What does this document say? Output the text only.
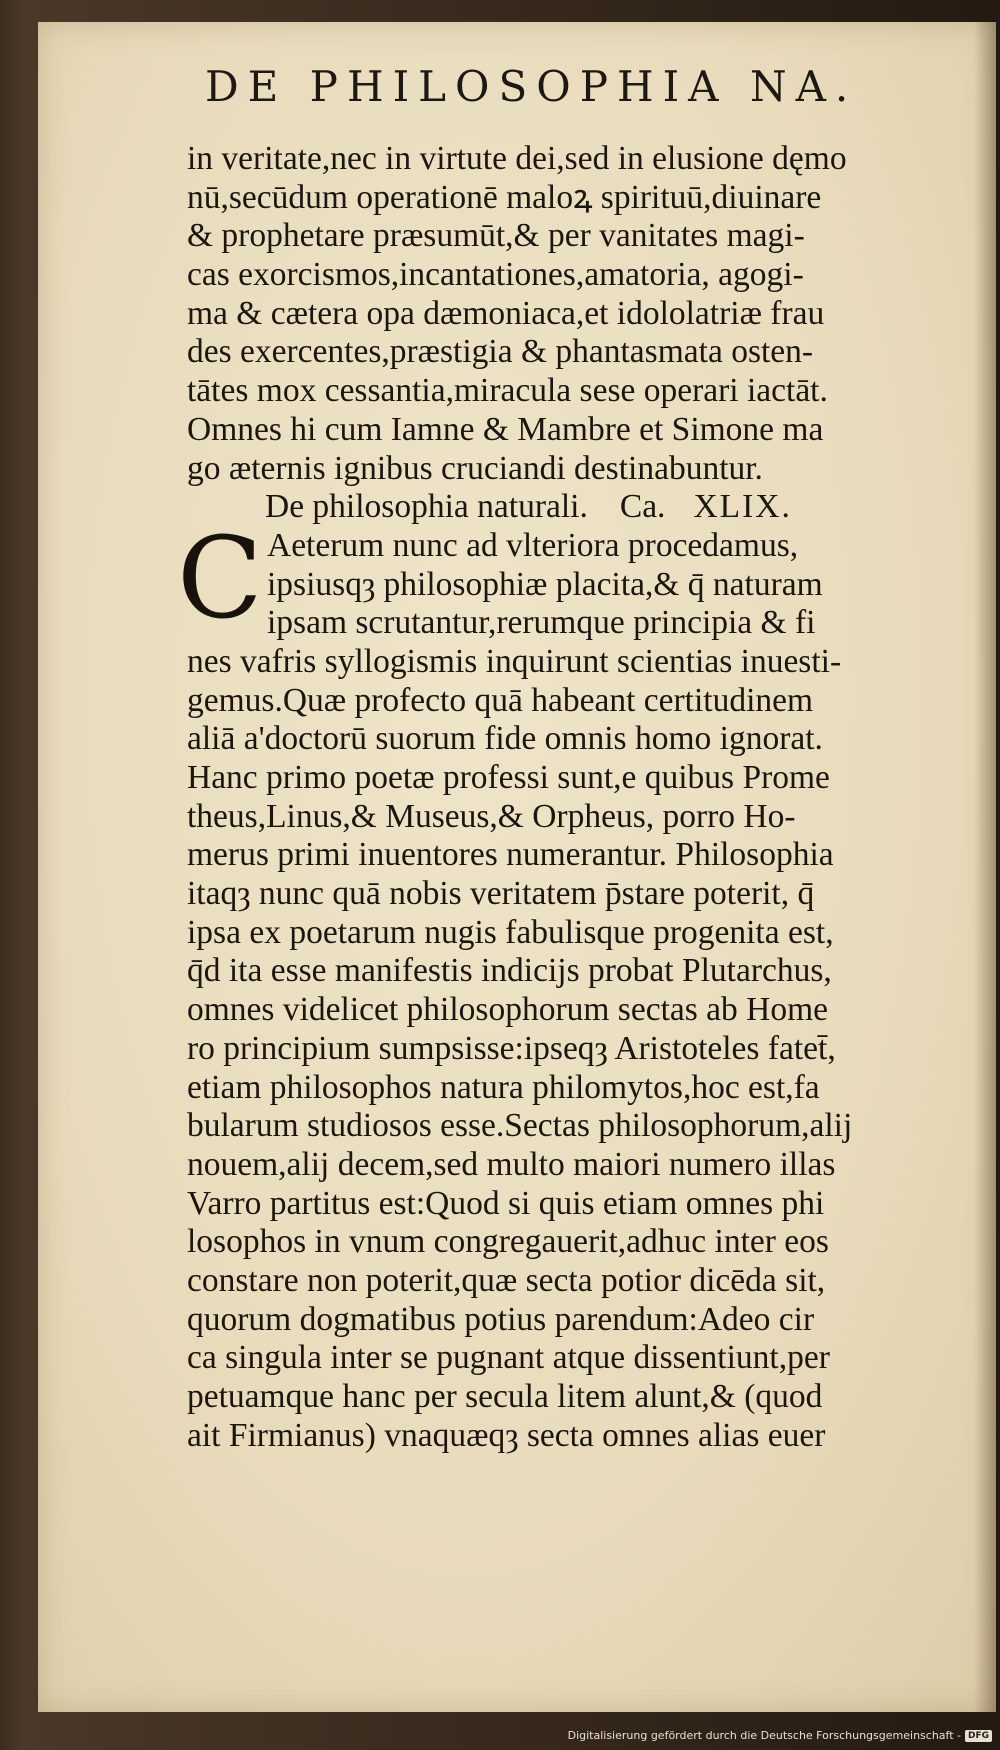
DE PHILOSOPHIA NA.
in veritate,nec in virtute dei,sed in elusione dęmo
nū,secūdum operationē maloꝝ spirituū,diuinare
& prophetare præsumūt,& per vanitates magi-
cas exorcismos,incantationes,amatoria, agogi-
ma & cætera opa dæmoniaca,et idololatriæ frau
des exercentes,præstigia & phantasmata osten-
tātes mox cessantia,miracula sese operari iactāt.
Omnes hi cum Iamne & Mambre et Simone ma
go æternis ignibus cruciandi destinabuntur.
De philosophia naturali. Ca. XLIX.
C Aeterum nunc ad vlteriora procedamus,
ipsiusqȝ philosophiæ placita,& q̄ naturam
ipsam scrutantur,rerumque principia & fi
nes vafris syllogismis inquirunt scientias inuesti-
gemus.Quæ profecto quā habeant certitudinem
aliā a'doctorū suorum fide omnis homo ignorat.
Hanc primo poetæ professi sunt,e quibus Prome
theus,Linus,& Museus,& Orpheus, porro Ho-
merus primi inuentores numerantur. Philosophia
itaqȝ nunc quā nobis veritatem p̄stare poterit, q̄
ipsa ex poetarum nugis fabulisque progenita est,
q̄d ita esse manifestis indicijs probat Plutarchus,
omnes videlicet philosophorum sectas ab Home
ro principium sumpsisse:ipseqȝ Aristoteles fatet̄,
etiam philosophos natura philomytos,hoc est,fa
bularum studiosos esse.Sectas philosophorum,alij
nouem,alij decem,sed multo maiori numero illas
Varro partitus est:Quod si quis etiam omnes phi
losophos in vnum congregauerit,adhuc inter eos
constare non poterit,quæ secta potior dicēda sit,
quorum dogmatibus potius parendum:Adeo cir
ca singula inter se pugnant atque dissentiunt,per
petuamque hanc per secula litem alunt,& (quod
ait Firmianus) vnaquæqȝ secta omnes alias euer
Digitalisierung gefördert durch die Deutsche Forschungsgemeinschaft - DFG
